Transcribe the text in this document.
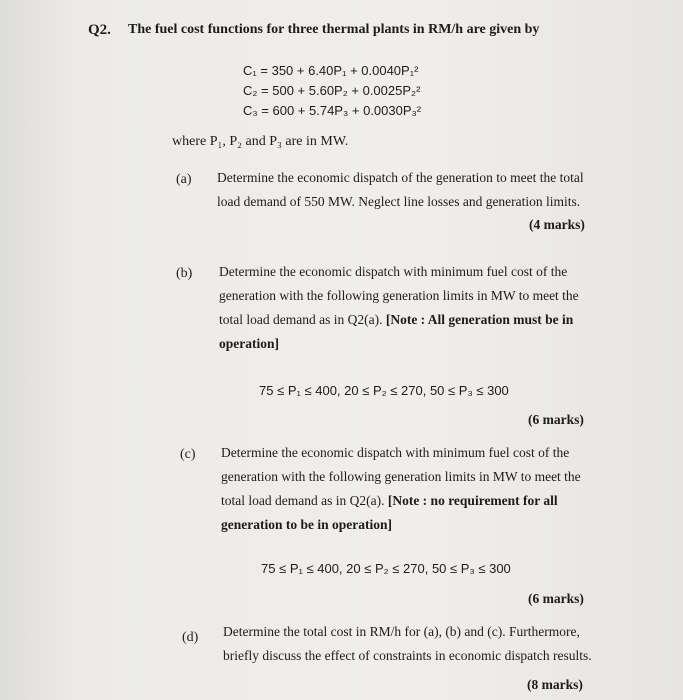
Q2. The fuel cost functions for three thermal plants in RM/h are given by
C₁ = 350 + 6.40P₁ + 0.0040P₁²
C₂ = 500 + 5.60P₂ + 0.0025P₂²
C₃ = 600 + 5.74P₃ + 0.0030P₃²
where P₁, P₂ and P₃ are in MW.
(a) Determine the economic dispatch of the generation to meet the total load demand of 550 MW. Neglect line losses and generation limits.
(4 marks)
(b) Determine the economic dispatch with minimum fuel cost of the generation with the following generation limits in MW to meet the total load demand as in Q2(a). [Note : All generation must be in operation]
75 ≤ P₁ ≤ 400, 20 ≤ P₂ ≤ 270, 50 ≤ P₃ ≤ 300
(6 marks)
(c) Determine the economic dispatch with minimum fuel cost of the generation with the following generation limits in MW to meet the total load demand as in Q2(a). [Note : no requirement for all generation to be in operation]
75 ≤ P₁ ≤ 400, 20 ≤ P₂ ≤ 270, 50 ≤ P₃ ≤ 300
(6 marks)
(d) Determine the total cost in RM/h for (a), (b) and (c). Furthermore, briefly discuss the effect of constraints in economic dispatch results.
(8 marks)
